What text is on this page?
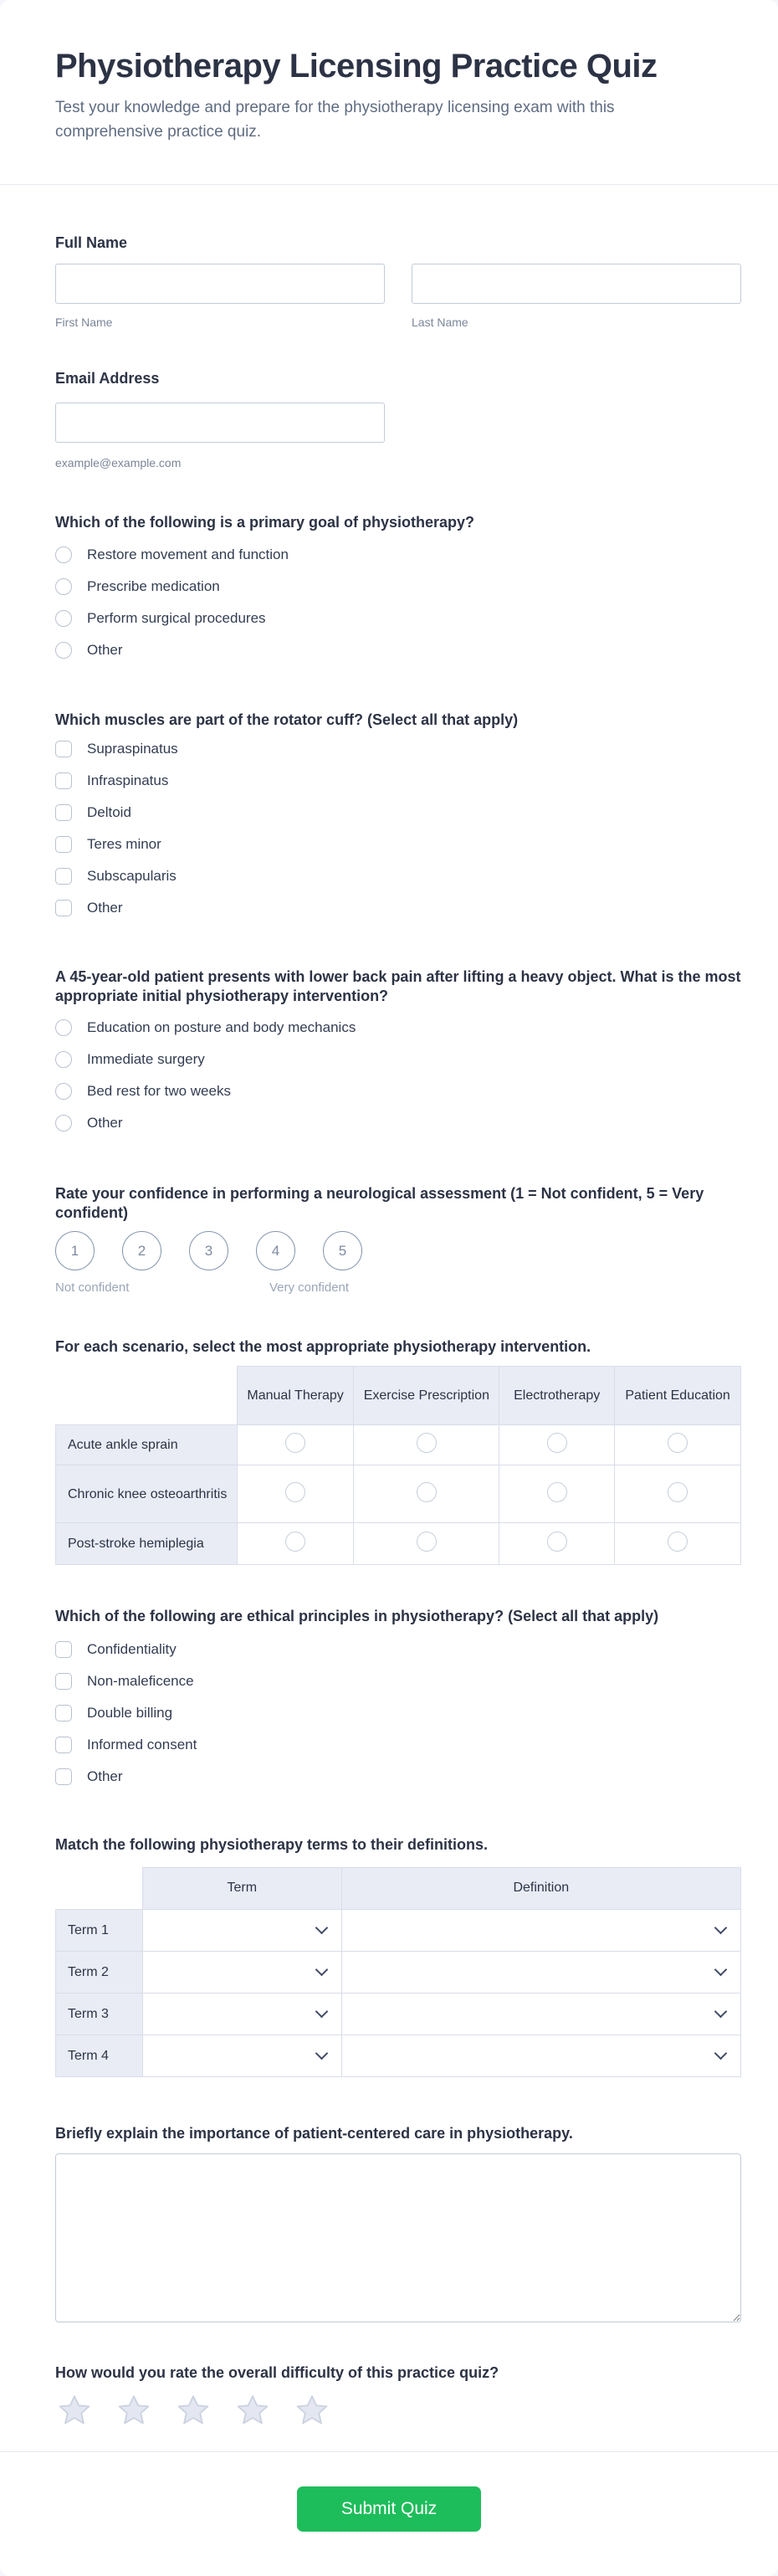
Physiotherapy Licensing Practice Quiz

Test your knowledge and prepare for the physiotherapy licensing exam with this comprehensive practice quiz.

Full Name
First Name	Last Name
Email Address
example@example.com
Which of the following is a primary goal of physiotherapy?
Restore movement and function
Prescribe medication
Perform surgical procedures
Other
Which muscles are part of the rotator cuff? (Select all that apply)
Supraspinatus
Infraspinatus
Deltoid
Teres minor
Subscapularis
Other
A 45-year-old patient presents with lower back pain after lifting a heavy object. What is the most appropriate initial physiotherapy intervention?
Education on posture and body mechanics
Immediate surgery
Bed rest for two weeks
Other
Rate your confidence in performing a neurological assessment (1 = Not confident, 5 = Very confident)
1	2	3	4	5
Not confident	Very confident
For each scenario, select the most appropriate physiotherapy intervention.
	Manual Therapy	Exercise Prescription	Electrotherapy	Patient Education
Acute ankle sprain				
Chronic knee osteoarthritis				
Post-stroke hemiplegia				
Which of the following are ethical principles in physiotherapy? (Select all that apply)
Confidentiality
Non-maleficence
Double billing
Informed consent
Other
Match the following physiotherapy terms to their definitions.
	Term	Definition
Term 1	

Term 2	

Term 3	

Term 4	

Briefly explain the importance of patient-centered care in physiotherapy.
How would you rate the overall difficulty of this practice quiz?
Submit Quiz
